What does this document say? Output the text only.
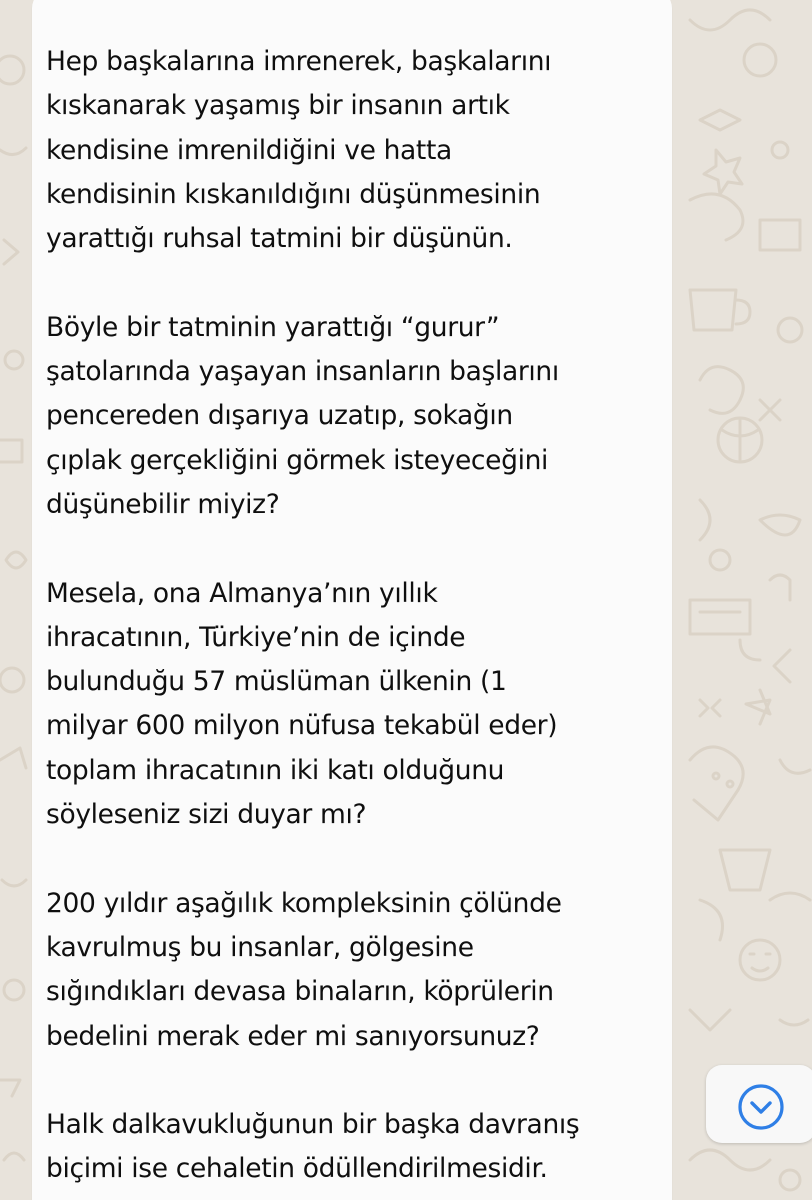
Hep başkalarına imrenerek, başkalarını
kıskanarak yaşamış bir insanın artık
kendisine imrenildiğini ve hatta
kendisinin kıskanıldığını düşünmesinin
yarattığı ruhsal tatmini bir düşünün.
Böyle bir tatminin yarattığı “gurur”
şatolarında yaşayan insanların başlarını
pencereden dışarıya uzatıp, sokağın
çıplak gerçekliğini görmek isteyeceğini
düşünebilir miyiz?
Mesela, ona Almanya’nın yıllık
ihracatının, Türkiye’nin de içinde
bulunduğu 57 müslüman ülkenin (1
milyar 600 milyon nüfusa tekabül eder)
toplam ihracatının iki katı olduğunu
söyleseniz sizi duyar mı?
200 yıldır aşağılık kompleksinin çölünde
kavrulmuş bu insanlar, gölgesine
sığındıkları devasa binaların, köprülerin
bedelini merak eder mi sanıyorsunuz?
Halk dalkavukluğunun bir başka davranış
biçimi ise cehaletin ödüllendirilmesidir.
